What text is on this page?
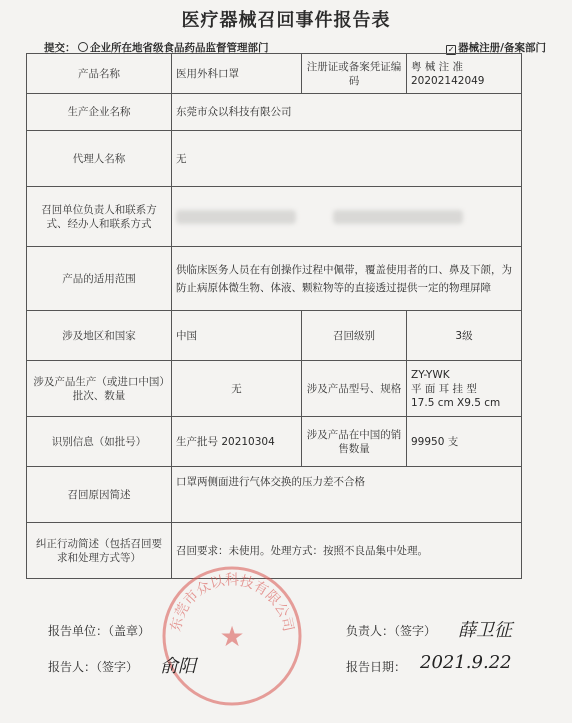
医疗器械召回事件报告表
提交：	企业所在地省级食品药品监督管理部门	✓ 器械注册/备案部门
产品名称	医用外科口罩	注册证或备案凭证编码	粤 械 注 准
20202142049

生产企业名称	东莞市众以科技有限公司		
代理人名称	无		
召回单位负责人和联系方式、经办人和联系方式			
产品的适用范围	供临床医务人员在有创操作过程中佩带，覆盖使用者的口、鼻及下颌，为防止病原体微生物、体液、颗粒物等的直接透过提供一定的物理屏障		
涉及地区和国家	中国	召回级别	3级
涉及产品生产（或进口中国）批次、数量	无	涉及产品型号、规格	ZY-YWK
平 面 耳 挂 型
17.5 cm X9.5 cm

识别信息（如批号）	生产批号 20210304	涉及产品在中国的销售数量	99950 支
召回原因简述	口罩两侧面进行气体交换的压力差不合格		
纠正行动简述（包括召回要求和处理方式等）	召回要求：未使用。处理方式：按照不良品集中处理。		
东莞市众以科技有限公司
★
报告单位：（盖章）	负责人：（签字） 薛卫征
报告人：（签字） 俞阳	报告日期： 2021.9.22
